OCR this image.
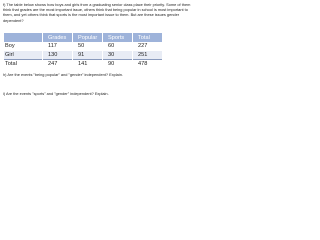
f) The table below shows how boys and girls from a graduating senior class place their priority. Some of them think that grades are the most important issue, others think that being popular in school is most important to them, and yet others think that sports is the most important issue to them. But are these issues gender dependent?

	Grades	Popular	Sports	Total
Boy	117	50	60	227
Girl	130	91	30	251
Total	247	141	90	478

h) Are the events "being popular" and "gender" independent? Explain.

i) Are the events "sports" and "gender" independent? Explain.
